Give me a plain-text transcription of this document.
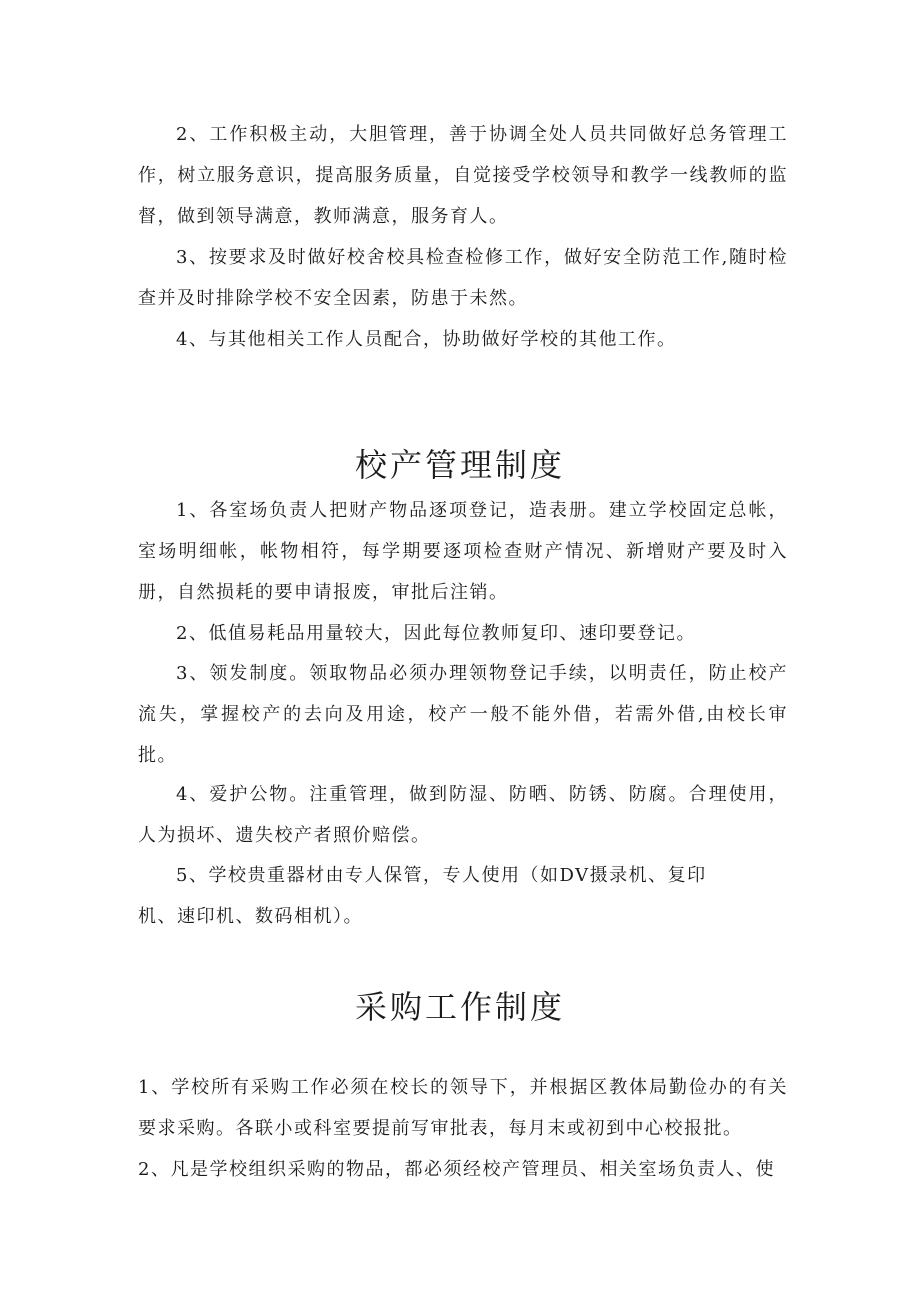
2、工作积极主动，大胆管理，善于协调全处人员共同做好总务管理工作，树立服务意识，提高服务质量，自觉接受学校领导和教学一线教师的监督，做到领导满意，教师满意，服务育人。

3、按要求及时做好校舍校具检查检修工作，做好安全防范工作,随时检查并及时排除学校不安全因素，防患于未然。

4、与其他相关工作人员配合，协助做好学校的其他工作。

校产管理制度

1、各室场负责人把财产物品逐项登记，造表册。建立学校固定总帐，室场明细帐，帐物相符，每学期要逐项检查财产情况、新增财产要及时入册，自然损耗的要申请报废，审批后注销。

2、低值易耗品用量较大，因此每位教师复印、速印要登记。

3、领发制度。领取物品必须办理领物登记手续，以明责任，防止校产流失，掌握校产的去向及用途，校产一般不能外借，若需外借,由校长审批。

4、爱护公物。注重管理，做到防湿、防晒、防锈、防腐。合理使用，人为损坏、遗失校产者照价赔偿。

5、学校贵重器材由专人保管，专人使用（如DV摄录机、复印
机、速印机、数码相机）。

采购工作制度

1、学校所有采购工作必须在校长的领导下，并根据区教体局勤俭办的有关要求采购。各联小或科室要提前写审批表，每月末或初到中心校报批。

2、凡是学校组织采购的物品，都必须经校产管理员、相关室场负责人、使
